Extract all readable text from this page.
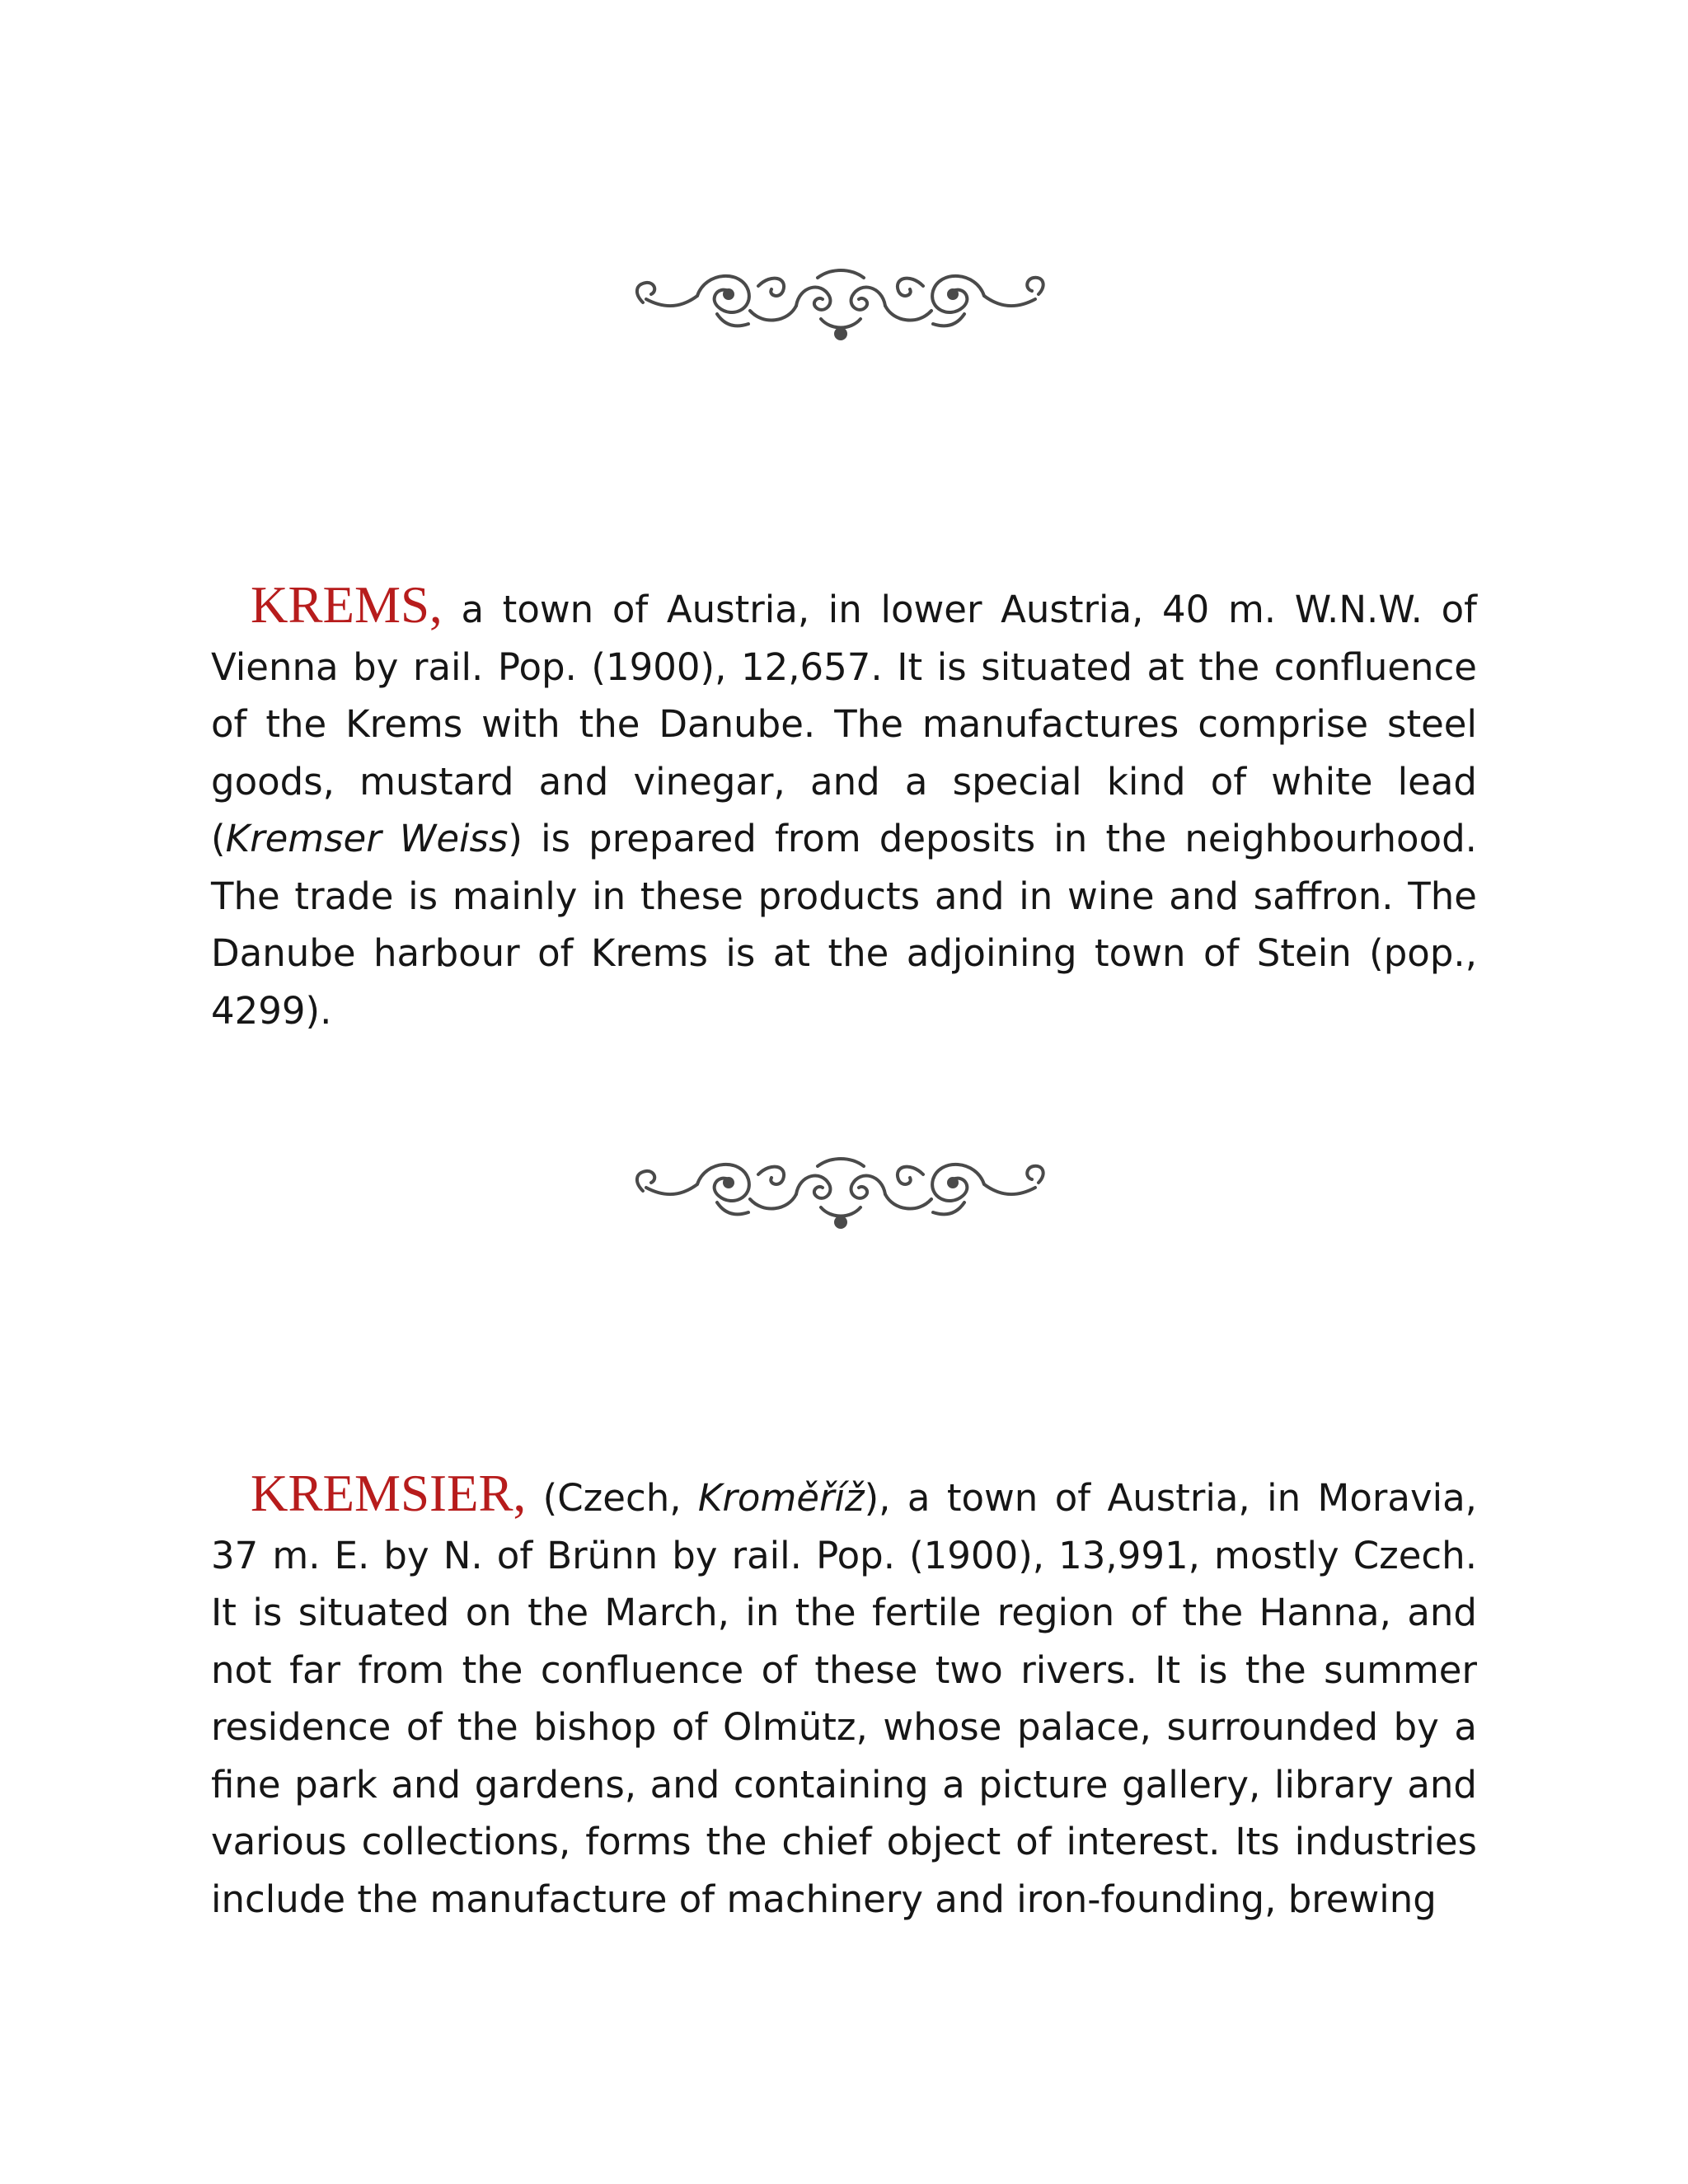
KREMS, a town of Austria, in lower Austria, 40 m. W.N.W. of Vienna by rail. Pop. (1900), 12,657. It is situated at the confluence of the Krems with the Danube. The manufactures comprise steel goods, mustard and vinegar, and a special kind of white lead (Kremser Weiss) is prepared from deposits in the neighbourhood. The trade is mainly in these products and in wine and saffron. The Danube harbour of Krems is at the adjoining town of Stein (pop., 4299).

KREMSIER, (Czech, Kroměříž), a town of Austria, in Moravia, 37 m. E. by N. of Brünn by rail. Pop. (1900), 13,991, mostly Czech. It is situated on the March, in the fertile region of the Hanna, and not far from the confluence of these two rivers. It is the summer residence of the bishop of Olmütz, whose palace, surrounded by a fine park and gardens, and containing a picture gallery, library and various collections, forms the chief object of interest. Its industries include the manufacture of machinery and iron-founding, brewing
